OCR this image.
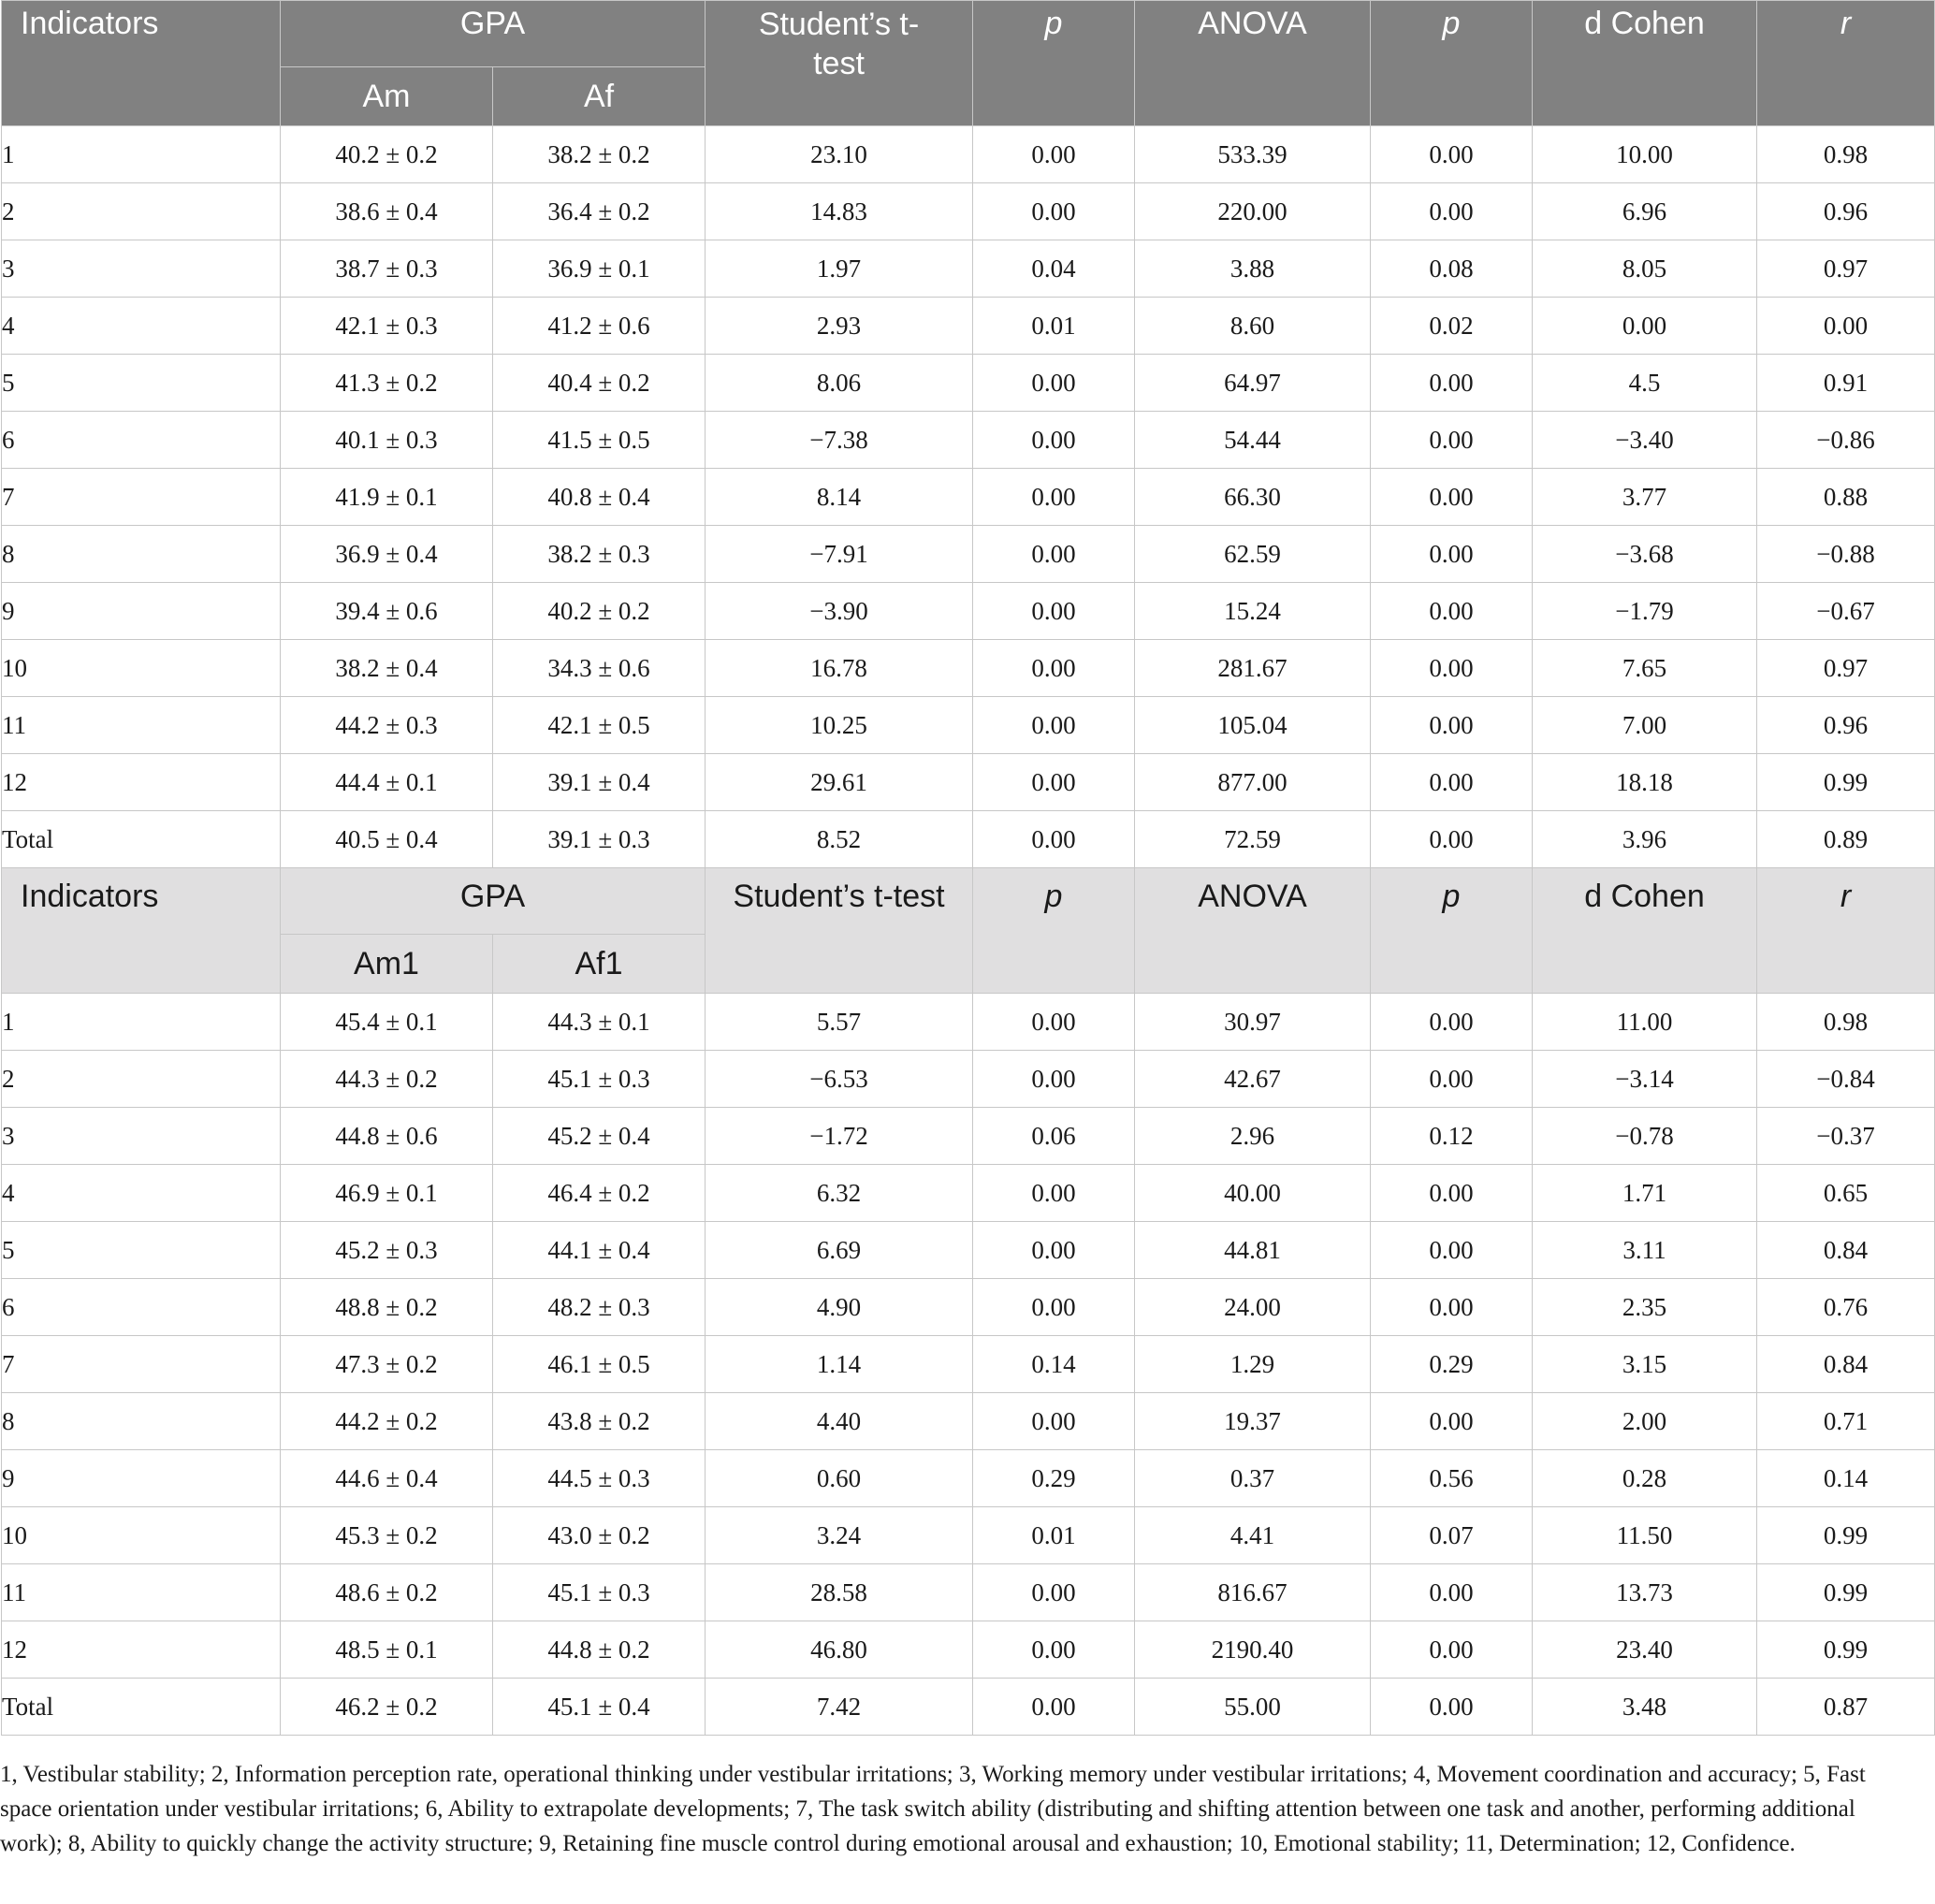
Indicators	GPA		Student’s t-test	p	ANOVA	p	d Cohen	r
	Am	Af						
1	40.2 ± 0.2	38.2 ± 0.2	23.10	0.00	533.39	0.00	10.00	0.98
2	38.6 ± 0.4	36.4 ± 0.2	14.83	0.00	220.00	0.00	6.96	0.96
3	38.7 ± 0.3	36.9 ± 0.1	1.97	0.04	3.88	0.08	8.05	0.97
4	42.1 ± 0.3	41.2 ± 0.6	2.93	0.01	8.60	0.02	0.00	0.00
5	41.3 ± 0.2	40.4 ± 0.2	8.06	0.00	64.97	0.00	4.5	0.91
6	40.1 ± 0.3	41.5 ± 0.5	−7.38	0.00	54.44	0.00	−3.40	−0.86
7	41.9 ± 0.1	40.8 ± 0.4	8.14	0.00	66.30	0.00	3.77	0.88
8	36.9 ± 0.4	38.2 ± 0.3	−7.91	0.00	62.59	0.00	−3.68	−0.88
9	39.4 ± 0.6	40.2 ± 0.2	−3.90	0.00	15.24	0.00	−1.79	−0.67
10	38.2 ± 0.4	34.3 ± 0.6	16.78	0.00	281.67	0.00	7.65	0.97
11	44.2 ± 0.3	42.1 ± 0.5	10.25	0.00	105.04	0.00	7.00	0.96
12	44.4 ± 0.1	39.1 ± 0.4	29.61	0.00	877.00	0.00	18.18	0.99
Total	40.5 ± 0.4	39.1 ± 0.3	8.52	0.00	72.59	0.00	3.96	0.89
Indicators	GPA		Student’s t-test	p	ANOVA	p	d Cohen	r
	Am1	Af1						
1	45.4 ± 0.1	44.3 ± 0.1	5.57	0.00	30.97	0.00	11.00	0.98
2	44.3 ± 0.2	45.1 ± 0.3	−6.53	0.00	42.67	0.00	−3.14	−0.84
3	44.8 ± 0.6	45.2 ± 0.4	−1.72	0.06	2.96	0.12	−0.78	−0.37
4	46.9 ± 0.1	46.4 ± 0.2	6.32	0.00	40.00	0.00	1.71	0.65
5	45.2 ± 0.3	44.1 ± 0.4	6.69	0.00	44.81	0.00	3.11	0.84
6	48.8 ± 0.2	48.2 ± 0.3	4.90	0.00	24.00	0.00	2.35	0.76
7	47.3 ± 0.2	46.1 ± 0.5	1.14	0.14	1.29	0.29	3.15	0.84
8	44.2 ± 0.2	43.8 ± 0.2	4.40	0.00	19.37	0.00	2.00	0.71
9	44.6 ± 0.4	44.5 ± 0.3	0.60	0.29	0.37	0.56	0.28	0.14
10	45.3 ± 0.2	43.0 ± 0.2	3.24	0.01	4.41	0.07	11.50	0.99
11	48.6 ± 0.2	45.1 ± 0.3	28.58	0.00	816.67	0.00	13.73	0.99
12	48.5 ± 0.1	44.8 ± 0.2	46.80	0.00	2190.40	0.00	23.40	0.99
Total	46.2 ± 0.2	45.1 ± 0.4	7.42	0.00	55.00	0.00	3.48	0.87
1, Vestibular stability; 2, Information perception rate, operational thinking under vestibular irritations; 3, Working memory under vestibular irritations; 4, Movement coordination and accuracy; 5, Fast space orientation under vestibular irritations; 6, Ability to extrapolate developments; 7, The task switch ability (distributing and shifting attention between one task and another, performing additional work); 8, Ability to quickly change the activity structure; 9, Retaining fine muscle control during emotional arousal and exhaustion; 10, Emotional stability; 11, Determination; 12, Confidence.
